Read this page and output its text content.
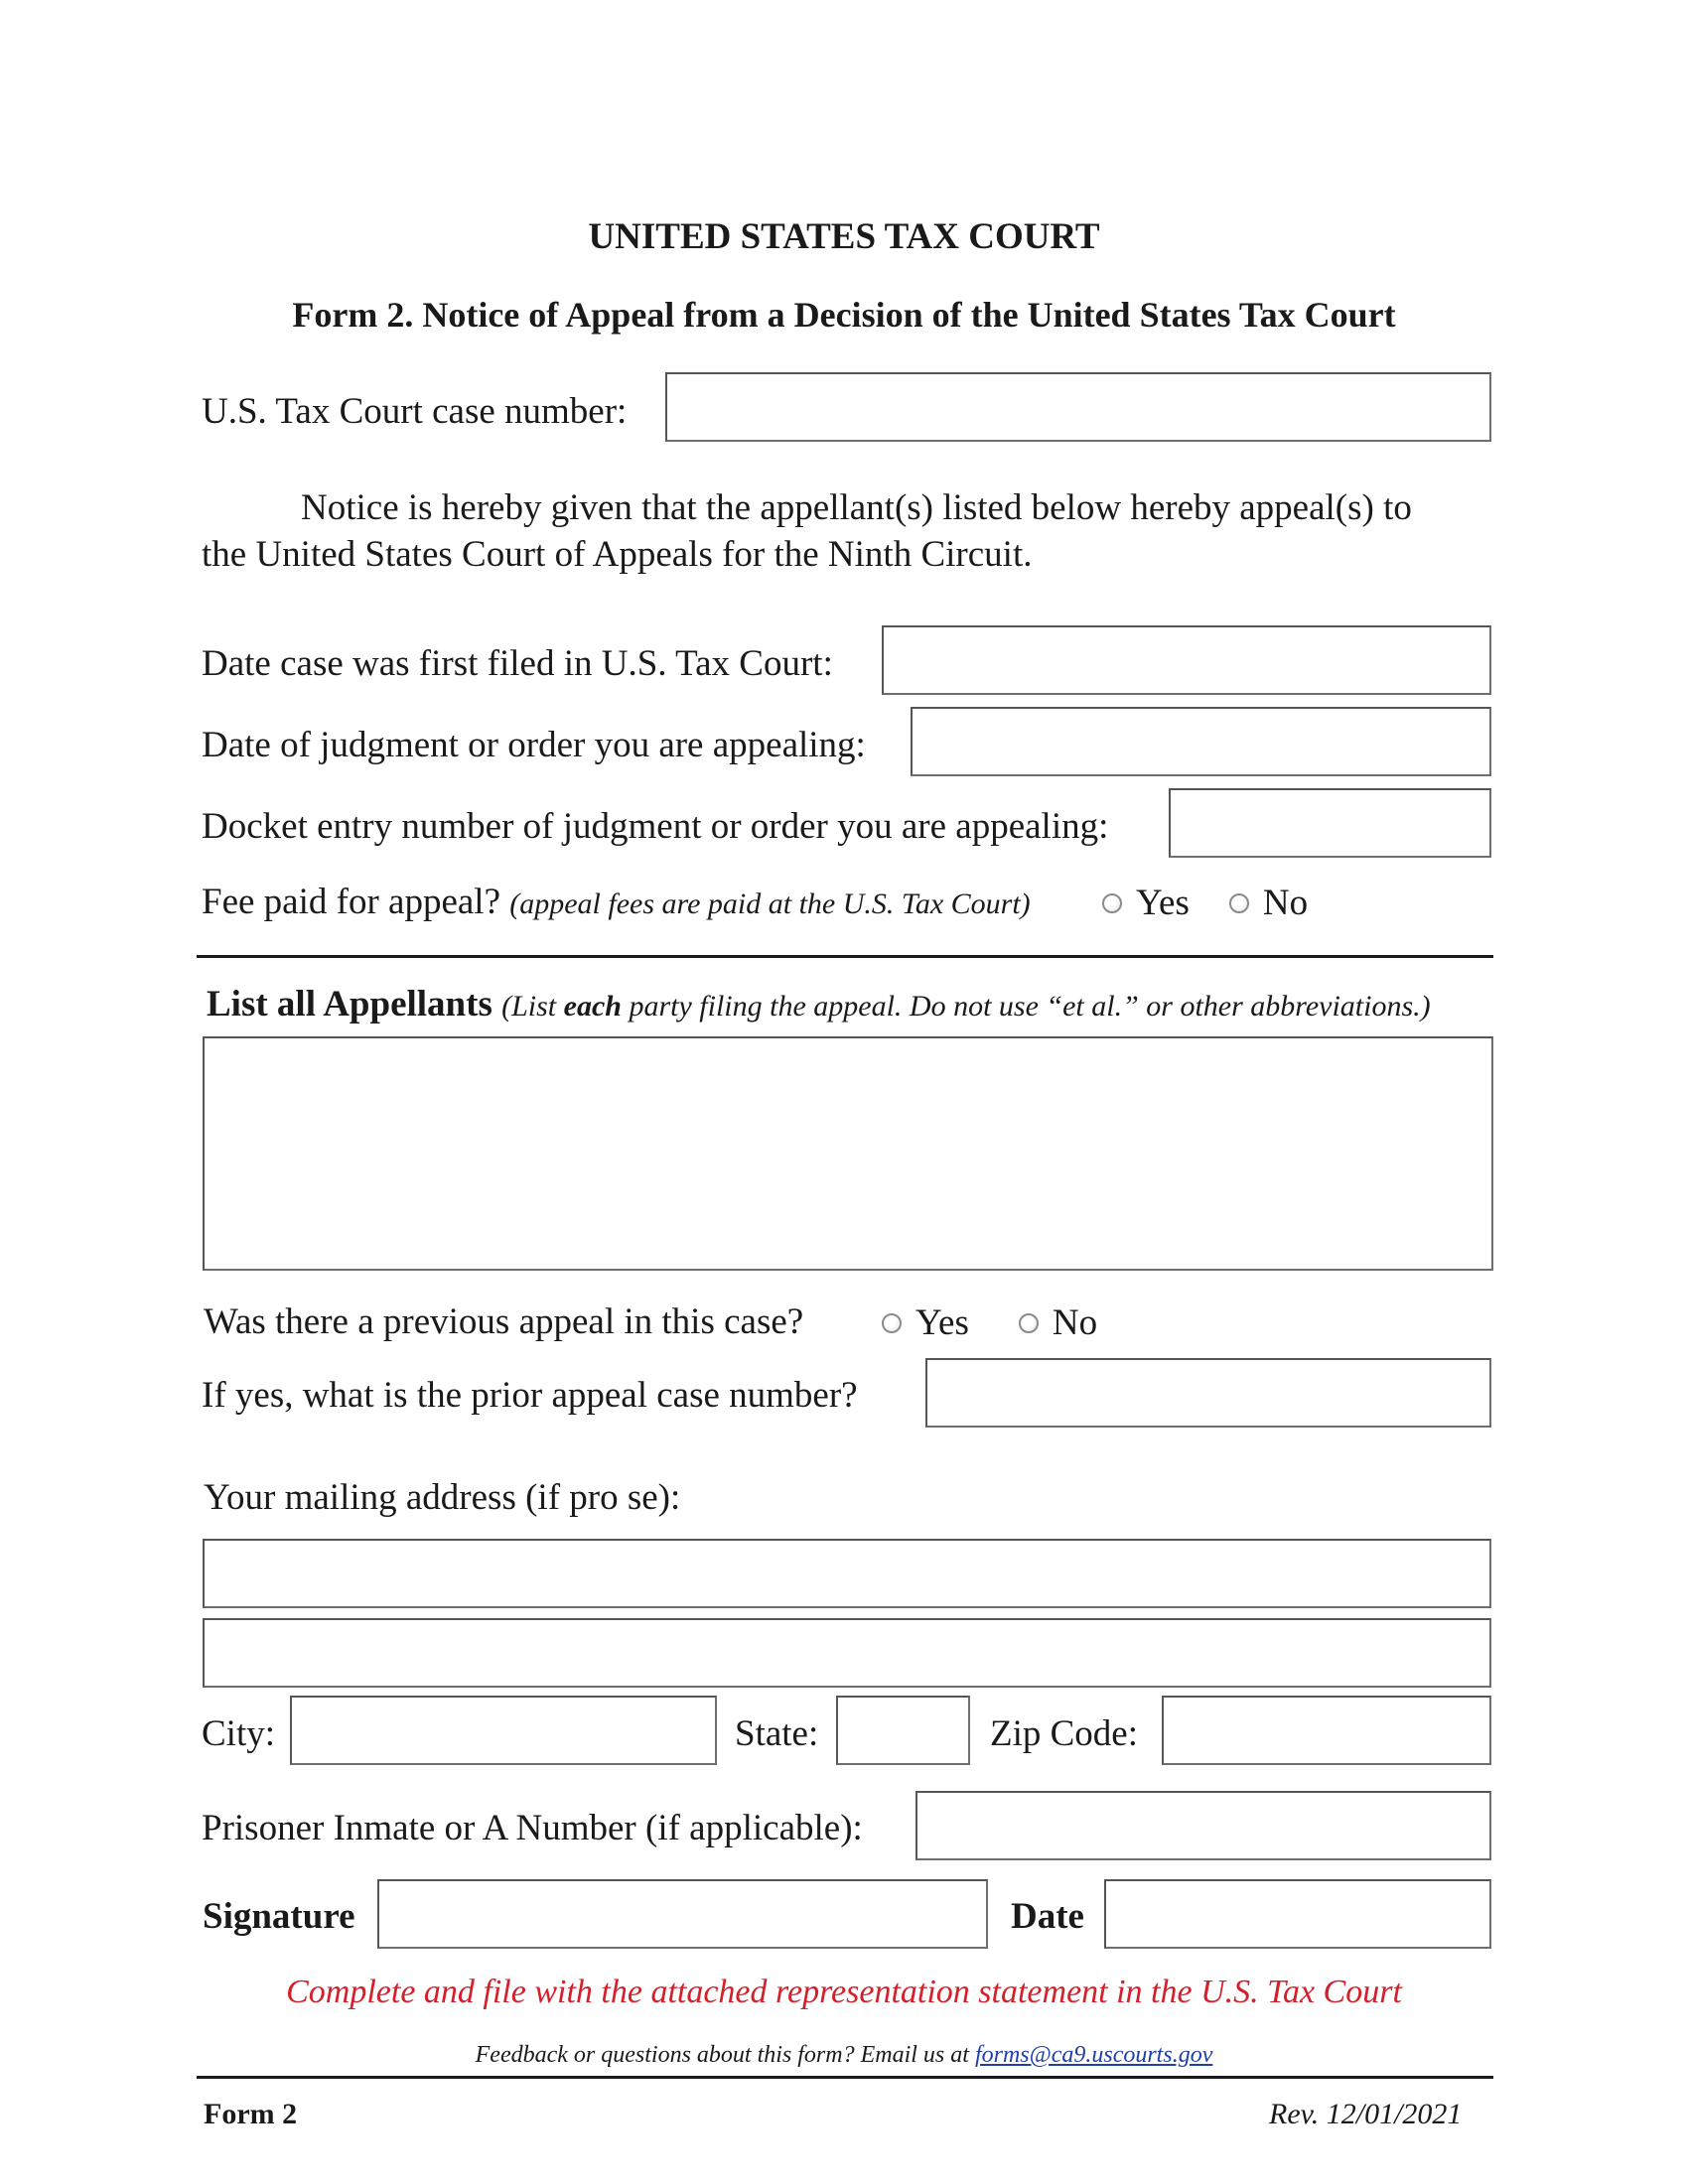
UNITED STATES TAX COURT
Form 2. Notice of Appeal from a Decision of the United States Tax Court
U.S. Tax Court case number:
Notice is hereby given that the appellant(s) listed below hereby appeal(s) to
the United States Court of Appeals for the Ninth Circuit.
Date case was first filed in U.S. Tax Court:
Date of judgment or order you are appealing:
Docket entry number of judgment or order you are appealing:
Fee paid for appeal? (appeal fees are paid at the U.S. Tax Court)	Yes No
List all Appellants (List each party filing the appeal. Do not use “et al.” or other abbreviations.)
Was there a previous appeal in this case?	Yes No
If yes, what is the prior appeal case number?
Your mailing address (if pro se):
City:	State:	Zip Code:
Prisoner Inmate or A Number (if applicable):
Signature	Date
Complete and file with the attached representation statement in the U.S. Tax Court
Feedback or questions about this form? Email us at forms@ca9.uscourts.gov
Form 2	Rev. 12/01/2021
